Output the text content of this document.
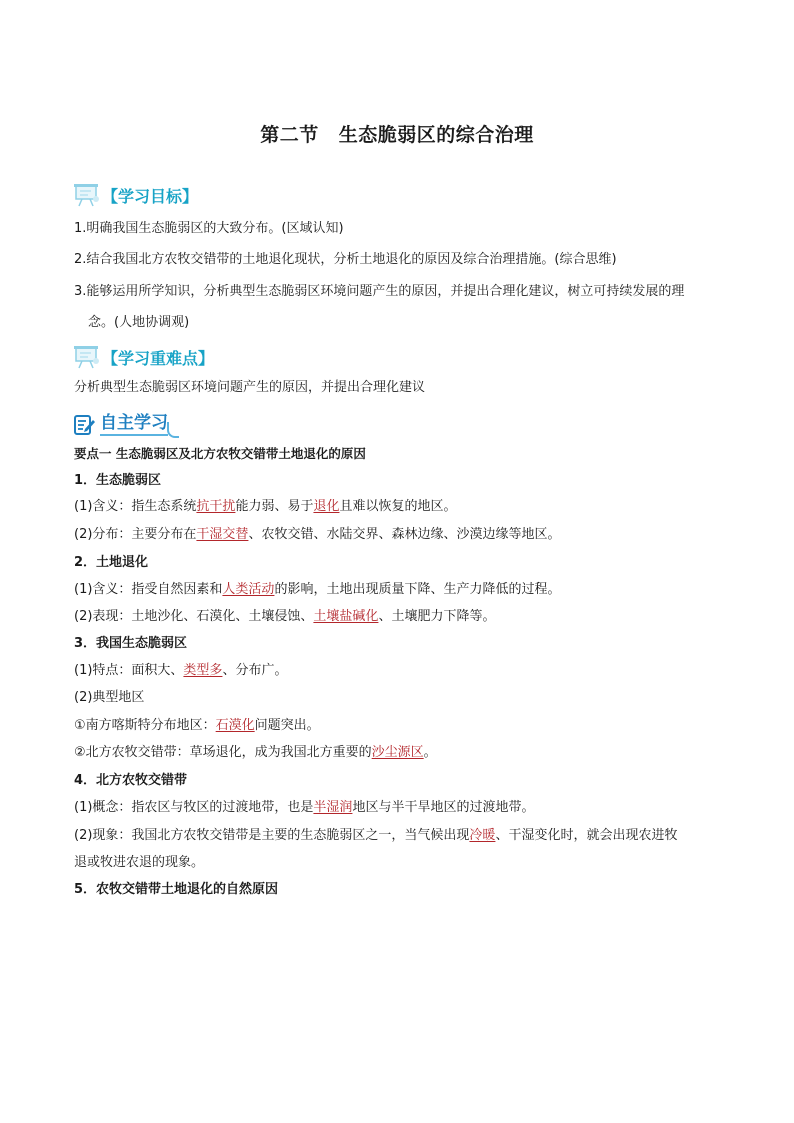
第二节 生态脆弱区的综合治理
【学习目标】
1.明确我国生态脆弱区的大致分布。(区域认知)
2.结合我国北方农牧交错带的土地退化现状，分析土地退化的原因及综合治理措施。(综合思维)
3.能够运用所学知识，分析典型生态脆弱区环境问题产生的原因，并提出合理化建议，树立可持续发展的理
念。(人地协调观)
【学习重难点】
分析典型生态脆弱区环境问题产生的原因，并提出合理化建议
自主学习
要点一 生态脆弱区及北方农牧交错带土地退化的原因
1．生态脆弱区
(1)含义：指生态系统抗干扰能力弱、易于退化且难以恢复的地区。
(2)分布：主要分布在干湿交替、农牧交错、水陆交界、森林边缘、沙漠边缘等地区。
2．土地退化
(1)含义：指受自然因素和人类活动的影响，土地出现质量下降、生产力降低的过程。
(2)表现：土地沙化、石漠化、土壤侵蚀、土壤盐碱化、土壤肥力下降等。
3．我国生态脆弱区
(1)特点：面积大、类型多、分布广。
(2)典型地区
①南方喀斯特分布地区：石漠化问题突出。
②北方农牧交错带：草场退化，成为我国北方重要的沙尘源区。
4．北方农牧交错带
(1)概念：指农区与牧区的过渡地带，也是半湿润地区与半干旱地区的过渡地带。
(2)现象：我国北方农牧交错带是主要的生态脆弱区之一，当气候出现冷暖、干湿变化时，就会出现农进牧
退或牧进农退的现象。
5．农牧交错带土地退化的自然原因
